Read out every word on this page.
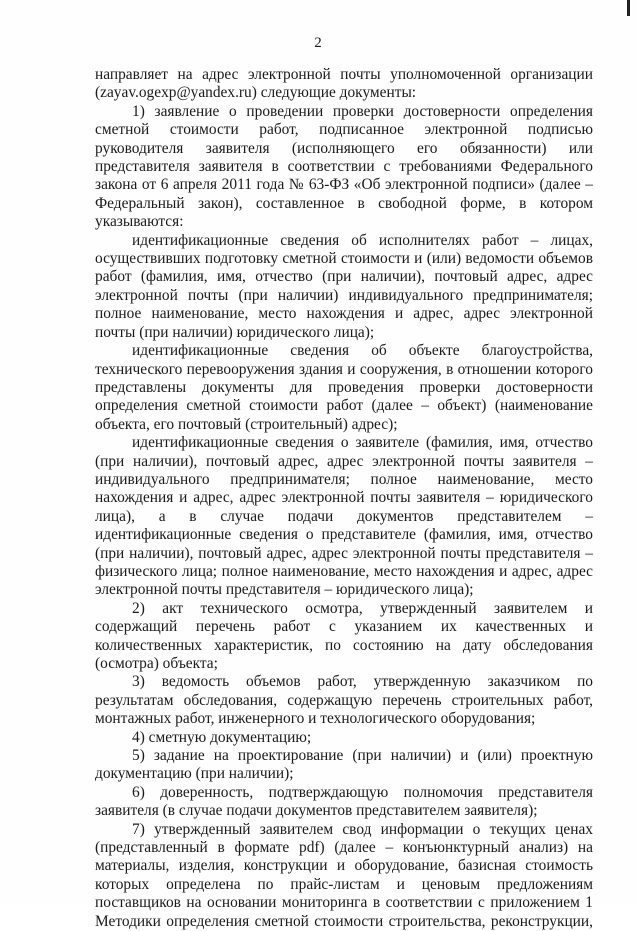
2

направляет на адрес электронной почты уполномоченной организации (zayav.ogexp@yandex.ru) следующие документы:

1) заявление о проведении проверки достоверности определения сметной стоимости работ, подписанное электронной подписью руководителя заявителя (исполняющего его обязанности) или представителя заявителя в соответствии с требованиями Федерального закона от 6 апреля 2011 года № 63-ФЗ «Об электронной подписи» (далее – Федеральный закон), составленное в свободной форме, в котором указываются:

идентификационные сведения об исполнителях работ – лицах, осуществивших подготовку сметной стоимости и (или) ведомости объемов работ (фамилия, имя, отчество (при наличии), почтовый адрес, адрес электронной почты (при наличии) индивидуального предпринимателя; полное наименование, место нахождения и адрес, адрес электронной почты (при наличии) юридического лица);

идентификационные сведения об объекте благоустройства, технического перевооружения здания и сооружения, в отношении которого представлены документы для проведения проверки достоверности определения сметной стоимости работ (далее – объект) (наименование объекта, его почтовый (строительный) адрес);

идентификационные сведения о заявителе (фамилия, имя, отчество (при наличии), почтовый адрес, адрес электронной почты заявителя – индивидуального предпринимателя; полное наименование, место нахождения и адрес, адрес электронной почты заявителя – юридического лица), а в случае подачи документов представителем – идентификационные сведения о представителе (фамилия, имя, отчество (при наличии), почтовый адрес, адрес электронной почты представителя – физического лица; полное наименование, место нахождения и адрес, адрес электронной почты представителя – юридического лица);

2) акт технического осмотра, утвержденный заявителем и содержащий перечень работ с указанием их качественных и количественных характеристик, по состоянию на дату обследования (осмотра) объекта;

3) ведомость объемов работ, утвержденную заказчиком по результатам обследования, содержащую перечень строительных работ, монтажных работ, инженерного и технологического оборудования;

4) сметную документацию;

5) задание на проектирование (при наличии) и (или) проектную документацию (при наличии);

6) доверенность, подтверждающую полномочия представителя заявителя (в случае подачи документов представителем заявителя);

7) утвержденный заявителем свод информации о текущих ценах (представленный в формате pdf) (далее – конъюнктурный анализ) на материалы, изделия, конструкции и оборудование, базисная стоимость которых определена по прайс-листам и ценовым предложениям поставщиков на основании мониторинга в соответствии с приложением 1 Методики определения сметной стоимости строительства, реконструкции,
